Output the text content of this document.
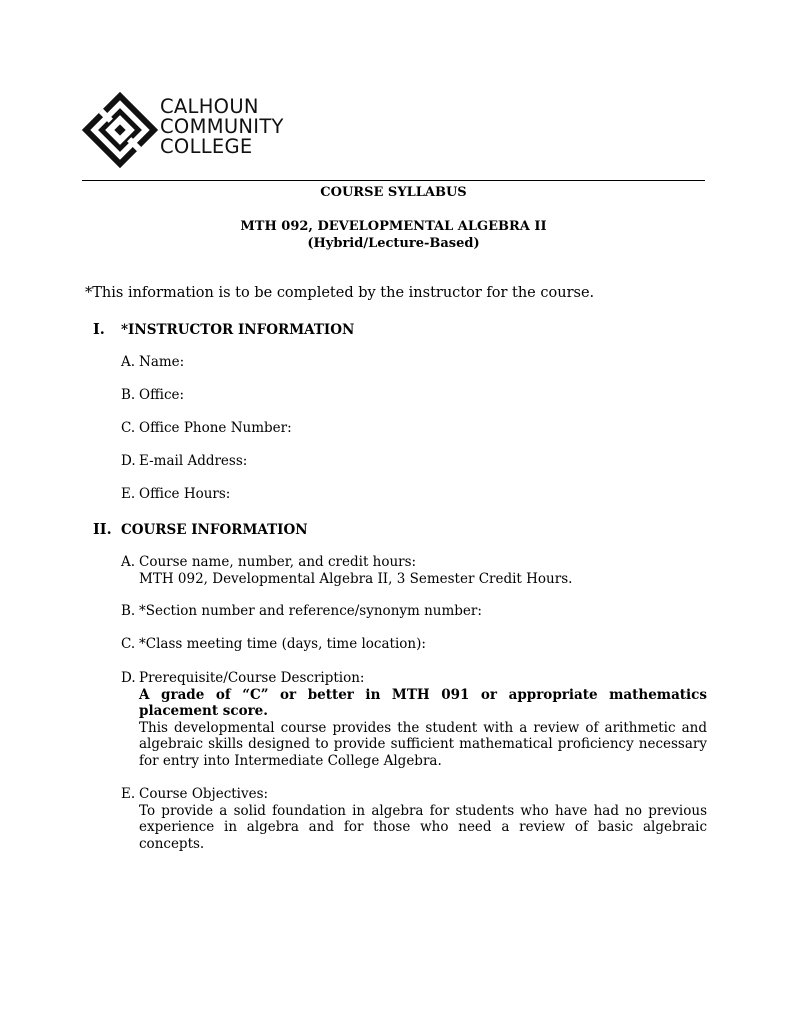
CALHOUN
COMMUNITY
COLLEGE
COURSE SYLLABUS
MTH 092, DEVELOPMENTAL ALGEBRA II
(Hybrid/Lecture-Based)
*This information is to be completed by the instructor for the course.
I. *INSTRUCTOR INFORMATION
A. Name:
B. Office:
C. Office Phone Number:
D. E-mail Address:
E. Office Hours:
II. COURSE INFORMATION
A. Course name, number, and credit hours:
MTH 092, Developmental Algebra II, 3 Semester Credit Hours.
B. *Section number and reference/synonym number:
C. *Class meeting time (days, time location):
D. Prerequisite/Course Description:
A grade of “C” or better in MTH 091 or appropriate mathematics placement score.
This developmental course provides the student with a review of arithmetic and algebraic skills designed to provide sufficient mathematical proficiency necessary for entry into Intermediate College Algebra.
E. Course Objectives:
To provide a solid foundation in algebra for students who have had no previous experience in algebra and for those who need a review of basic algebraic concepts.
